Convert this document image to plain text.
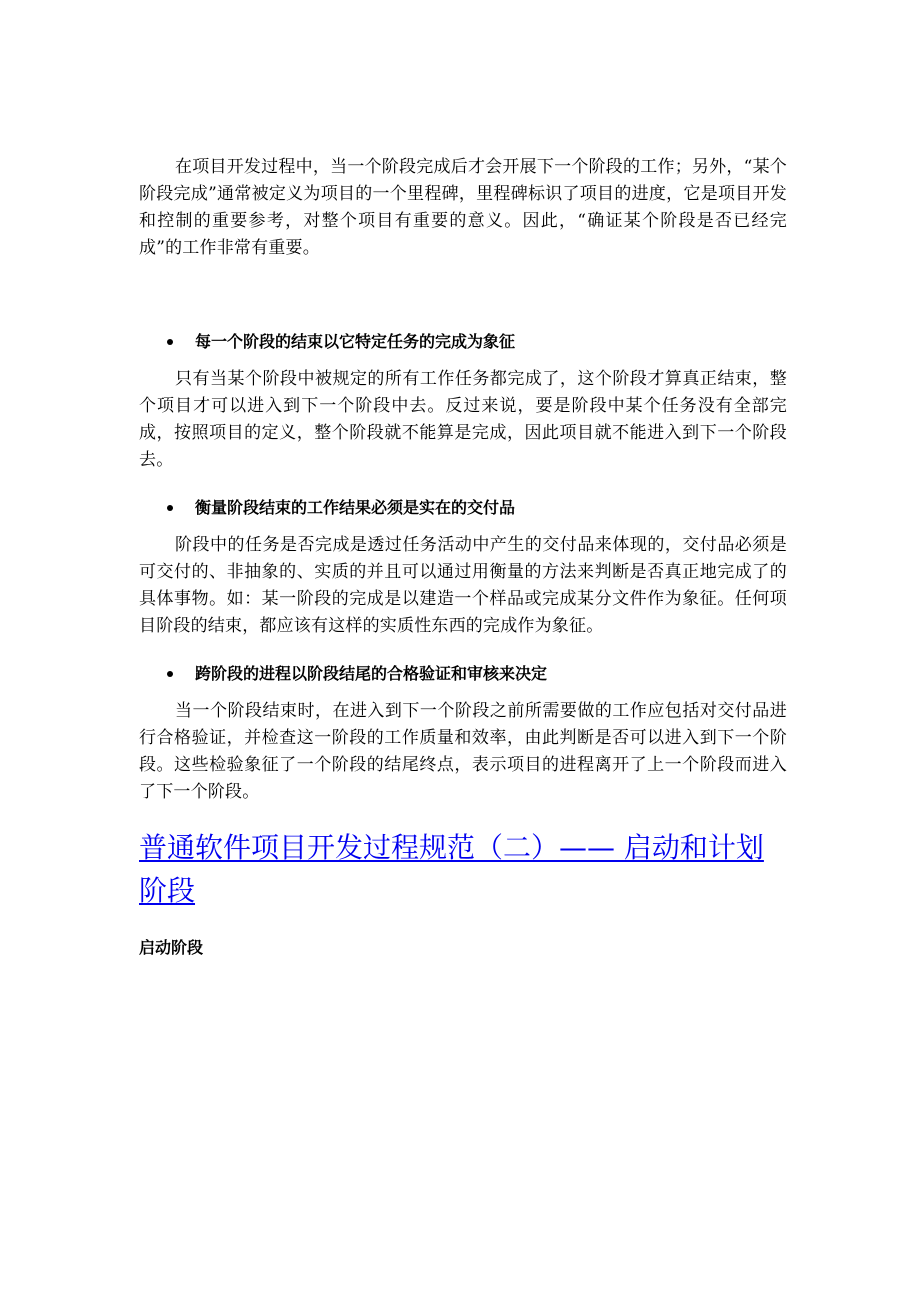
在项目开发过程中，当一个阶段完成后才会开展下一个阶段的工作；另外，“某个阶段完成”通常被定义为项目的一个里程碑，里程碑标识了项目的进度，它是项目开发和控制的重要参考，对整个项目有重要的意义。因此，“确证某个阶段是否已经完成”的工作非常有重要。

每一个阶段的结束以它特定任务的完成为象征

只有当某个阶段中被规定的所有工作任务都完成了，这个阶段才算真正结束，整个项目才可以进入到下一个阶段中去。反过来说，要是阶段中某个任务没有全部完成，按照项目的定义，整个阶段就不能算是完成，因此项目就不能进入到下一个阶段去。

衡量阶段结束的工作结果必须是实在的交付品

阶段中的任务是否完成是透过任务活动中产生的交付品来体现的，交付品必须是可交付的、非抽象的、实质的并且可以通过用衡量的方法来判断是否真正地完成了的具体事物。如：某一阶段的完成是以建造一个样品或完成某分文件作为象征。任何项目阶段的结束，都应该有这样的实质性东西的完成作为象征。

跨阶段的进程以阶段结尾的合格验证和审核来决定

当一个阶段结束时，在进入到下一个阶段之前所需要做的工作应包括对交付品进行合格验证，并检查这一阶段的工作质量和效率，由此判断是否可以进入到下一个阶段。这些检验象征了一个阶段的结尾终点，表示项目的进程离开了上一个阶段而进入了下一个阶段。

普通软件项目开发过程规范（二）—— 启动和计划阶段

启动阶段
